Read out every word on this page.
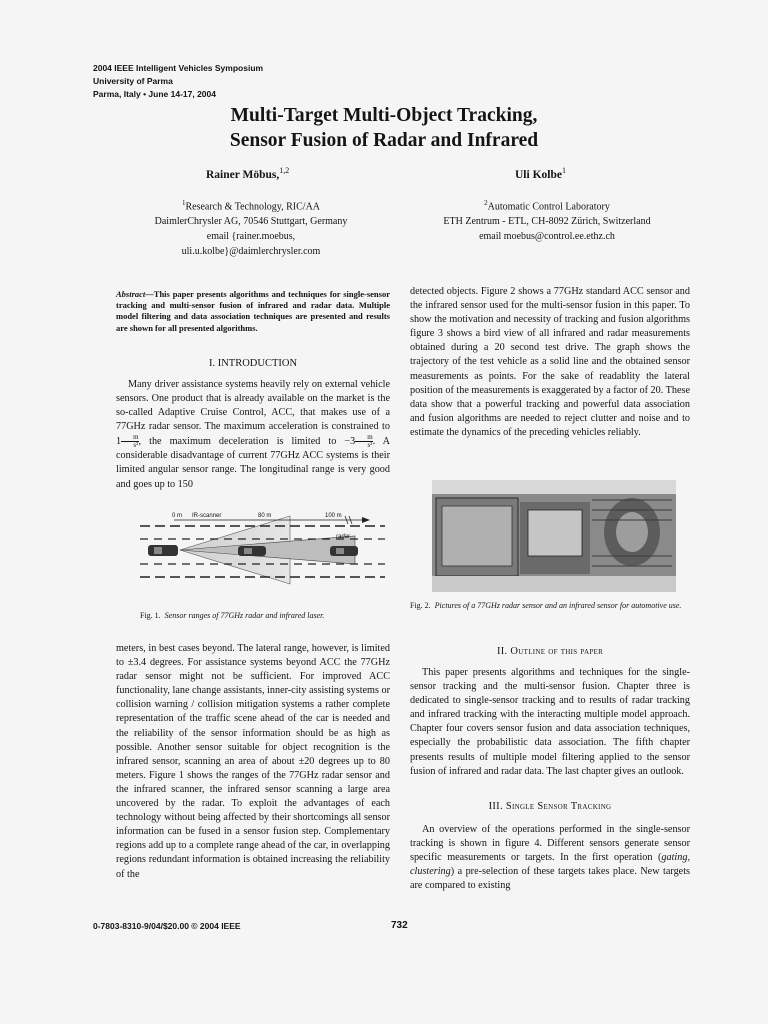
2004 IEEE Intelligent Vehicles Symposium
University of Parma
Parma, Italy • June 14-17, 2004
Multi-Target Multi-Object Tracking,
Sensor Fusion of Radar and Infrared
Rainer Möbus,$^{1,2}$	Uli Kolbe$^1$
$^1$Research & Technology, RIC/AA
DaimlerChrysler AG, 70546 Stuttgart, Germany
email {rainer.moebus,
uli.u.kolbe}@daimlerchrysler.com
$^2$Automatic Control Laboratory
ETH Zentrum - ETL, CH-8092 Zürich, Switzerland
email moebus@control.ee.ethz.ch
Abstract—This paper presents algorithms and techniques for single-sensor tracking and multi-sensor fusion of infrared and radar data. Multiple model filtering and data association techniques are presented and results are shown for all presented algorithms.
I. INTRODUCTION

Many driver assistance systems heavily rely on external vehicle sensors. One product that is already available on the market is the so-called Adaptive Cruise Control, ACC, that makes use of a 77GHz radar sensor. The maximum acceleration is constrained to $1 \frac{m}{\text{s²}}$ , the maximum deceleration is limited to $-3 \frac{m}{\text{s²}}$ . A considerable disadvantage of current 77GHz ACC systems is their limited angular sensor range. The longitudinal range is very good and goes up to 150

0 m IR-scanner	80 m	100 m
radar
Fig. 1. Sensor ranges of 77GHz radar and infrared laser.

meters, in best cases beyond. The lateral range, however, is limited to ±3.4 degrees. For assistance systems beyond ACC the 77GHz radar sensor might not be sufficient. For improved ACC functionality, lane change assistants, inner-city assisting systems or collision warning / collision mitigation systems a rather complete representation of the traffic scene ahead of the car is needed and the reliability of the sensor information should be as high as possible. Another sensor suitable for object recognition is the infrared sensor, scanning an area of about ±20 degrees up to 80 meters. Figure 1 shows the ranges of the 77GHz radar sensor and the infrared scanner, the infrared sensor scanning a large area uncovered by the radar. To exploit the advantages of each technology without being affected by their shortcomings all sensor information can be fused in a sensor fusion step. Complementary regions add up to a complete range ahead of the car, in overlapping regions redundant information is obtained increasing the reliability of the

detected objects. Figure 2 shows a 77GHz standard ACC sensor and the infrared sensor used for the multi-sensor fusion in this paper. To show the motivation and necessity of tracking and fusion algorithms figure 3 shows a bird view of all infrared and radar measurements obtained during a 20 second test drive. The graph shows the trajectory of the test vehicle as a solid line and the obtained sensor measurements as points. For the sake of readablity the lateral position of the measurements is exaggerated by a factor of 20. These data show that a powerful tracking and powerful data association and fusion algorithms are needed to reject clutter and noise and to estimate the dynamics of the preceding vehicles reliably.

Fig. 2. Pictures of a 77GHz radar sensor and an infrared sensor for automotive use.
II. Outline of this paper

This paper presents algorithms and techniques for the single-sensor tracking and the multi-sensor fusion. Chapter three is dedicated to single-sensor tracking and to results of radar tracking and infrared tracking with the interacting multiple model approach. Chapter four covers sensor fusion and data association techniques, especially the probabilistic data association. The fifth chapter presents results of multiple model filtering applied to the sensor fusion of infrared and radar data. The last chapter gives an outlook.

III. Single Sensor Tracking

An overview of the operations performed in the single-sensor tracking is shown in figure 4. Different sensors generate sensor specific measurements or targets. In the first operation (gating, clustering) a pre-selection of these targets takes place. New targets are compared to existing

0-7803-8310-9/04/$20.00 © 2004 IEEE	732
